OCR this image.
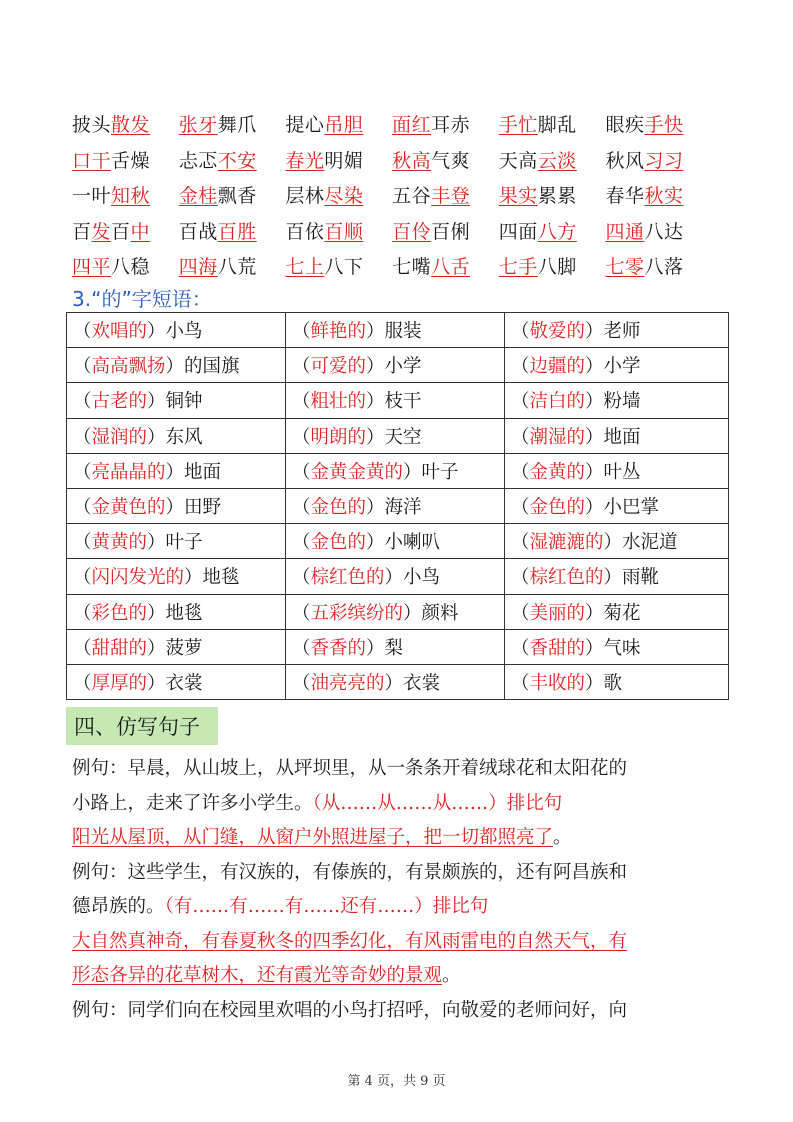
披头散发	张牙舞爪	提心吊胆	面红耳赤	手忙脚乱	眼疾手快
口干舌燥	忐忑不安	春光明媚	秋高气爽	天高云淡	秋风习习
一叶知秋	金桂飘香	层林尽染	五谷丰登	果实累累	春华秋实
百发百中	百战百胜	百依百顺	百伶百俐	四面八方	四通八达
四平八稳	四海八荒	七上八下	七嘴八舌	七手八脚	七零八落
3.“的”字短语：
（欢唱的）小鸟	（鲜艳的）服装	（敬爱的）老师
（高高飘扬）的国旗	（可爱的）小学	（边疆的）小学
（古老的）铜钟	（粗壮的）枝干	（洁白的）粉墙
（湿润的）东风	（明朗的）天空	（潮湿的）地面
（亮晶晶的）地面	（金黄金黄的）叶子	（金黄的）叶丛
（金黄色的）田野	（金色的）海洋	（金色的）小巴掌
（黄黄的）叶子	（金色的）小喇叭	（湿漉漉的）水泥道
（闪闪发光的）地毯	（棕红色的）小鸟	（棕红色的）雨靴
（彩色的）地毯	（五彩缤纷的）颜料	（美丽的）菊花
（甜甜的）菠萝	（香香的）梨	（香甜的）气味
（厚厚的）衣裳	（油亮亮的）衣裳	（丰收的）歌
四、仿写句子
例句：早晨，从山坡上，从坪坝里，从一条条开着绒球花和太阳花的
小路上，走来了许多小学生。（从……从……从……）排比句
阳光从屋顶，从门缝，从窗户外照进屋子，把一切都照亮了。
例句：这些学生，有汉族的，有傣族的，有景颇族的，还有阿昌族和
德昂族的。（有……有……有……还有……）排比句
大自然真神奇，有春夏秋冬的四季幻化，有风雨雷电的自然天气，有
形态各异的花草树木，还有霞光等奇妙的景观。
例句：同学们向在校园里欢唱的小鸟打招呼，向敬爱的老师问好，向
第 4 页，共 9 页
